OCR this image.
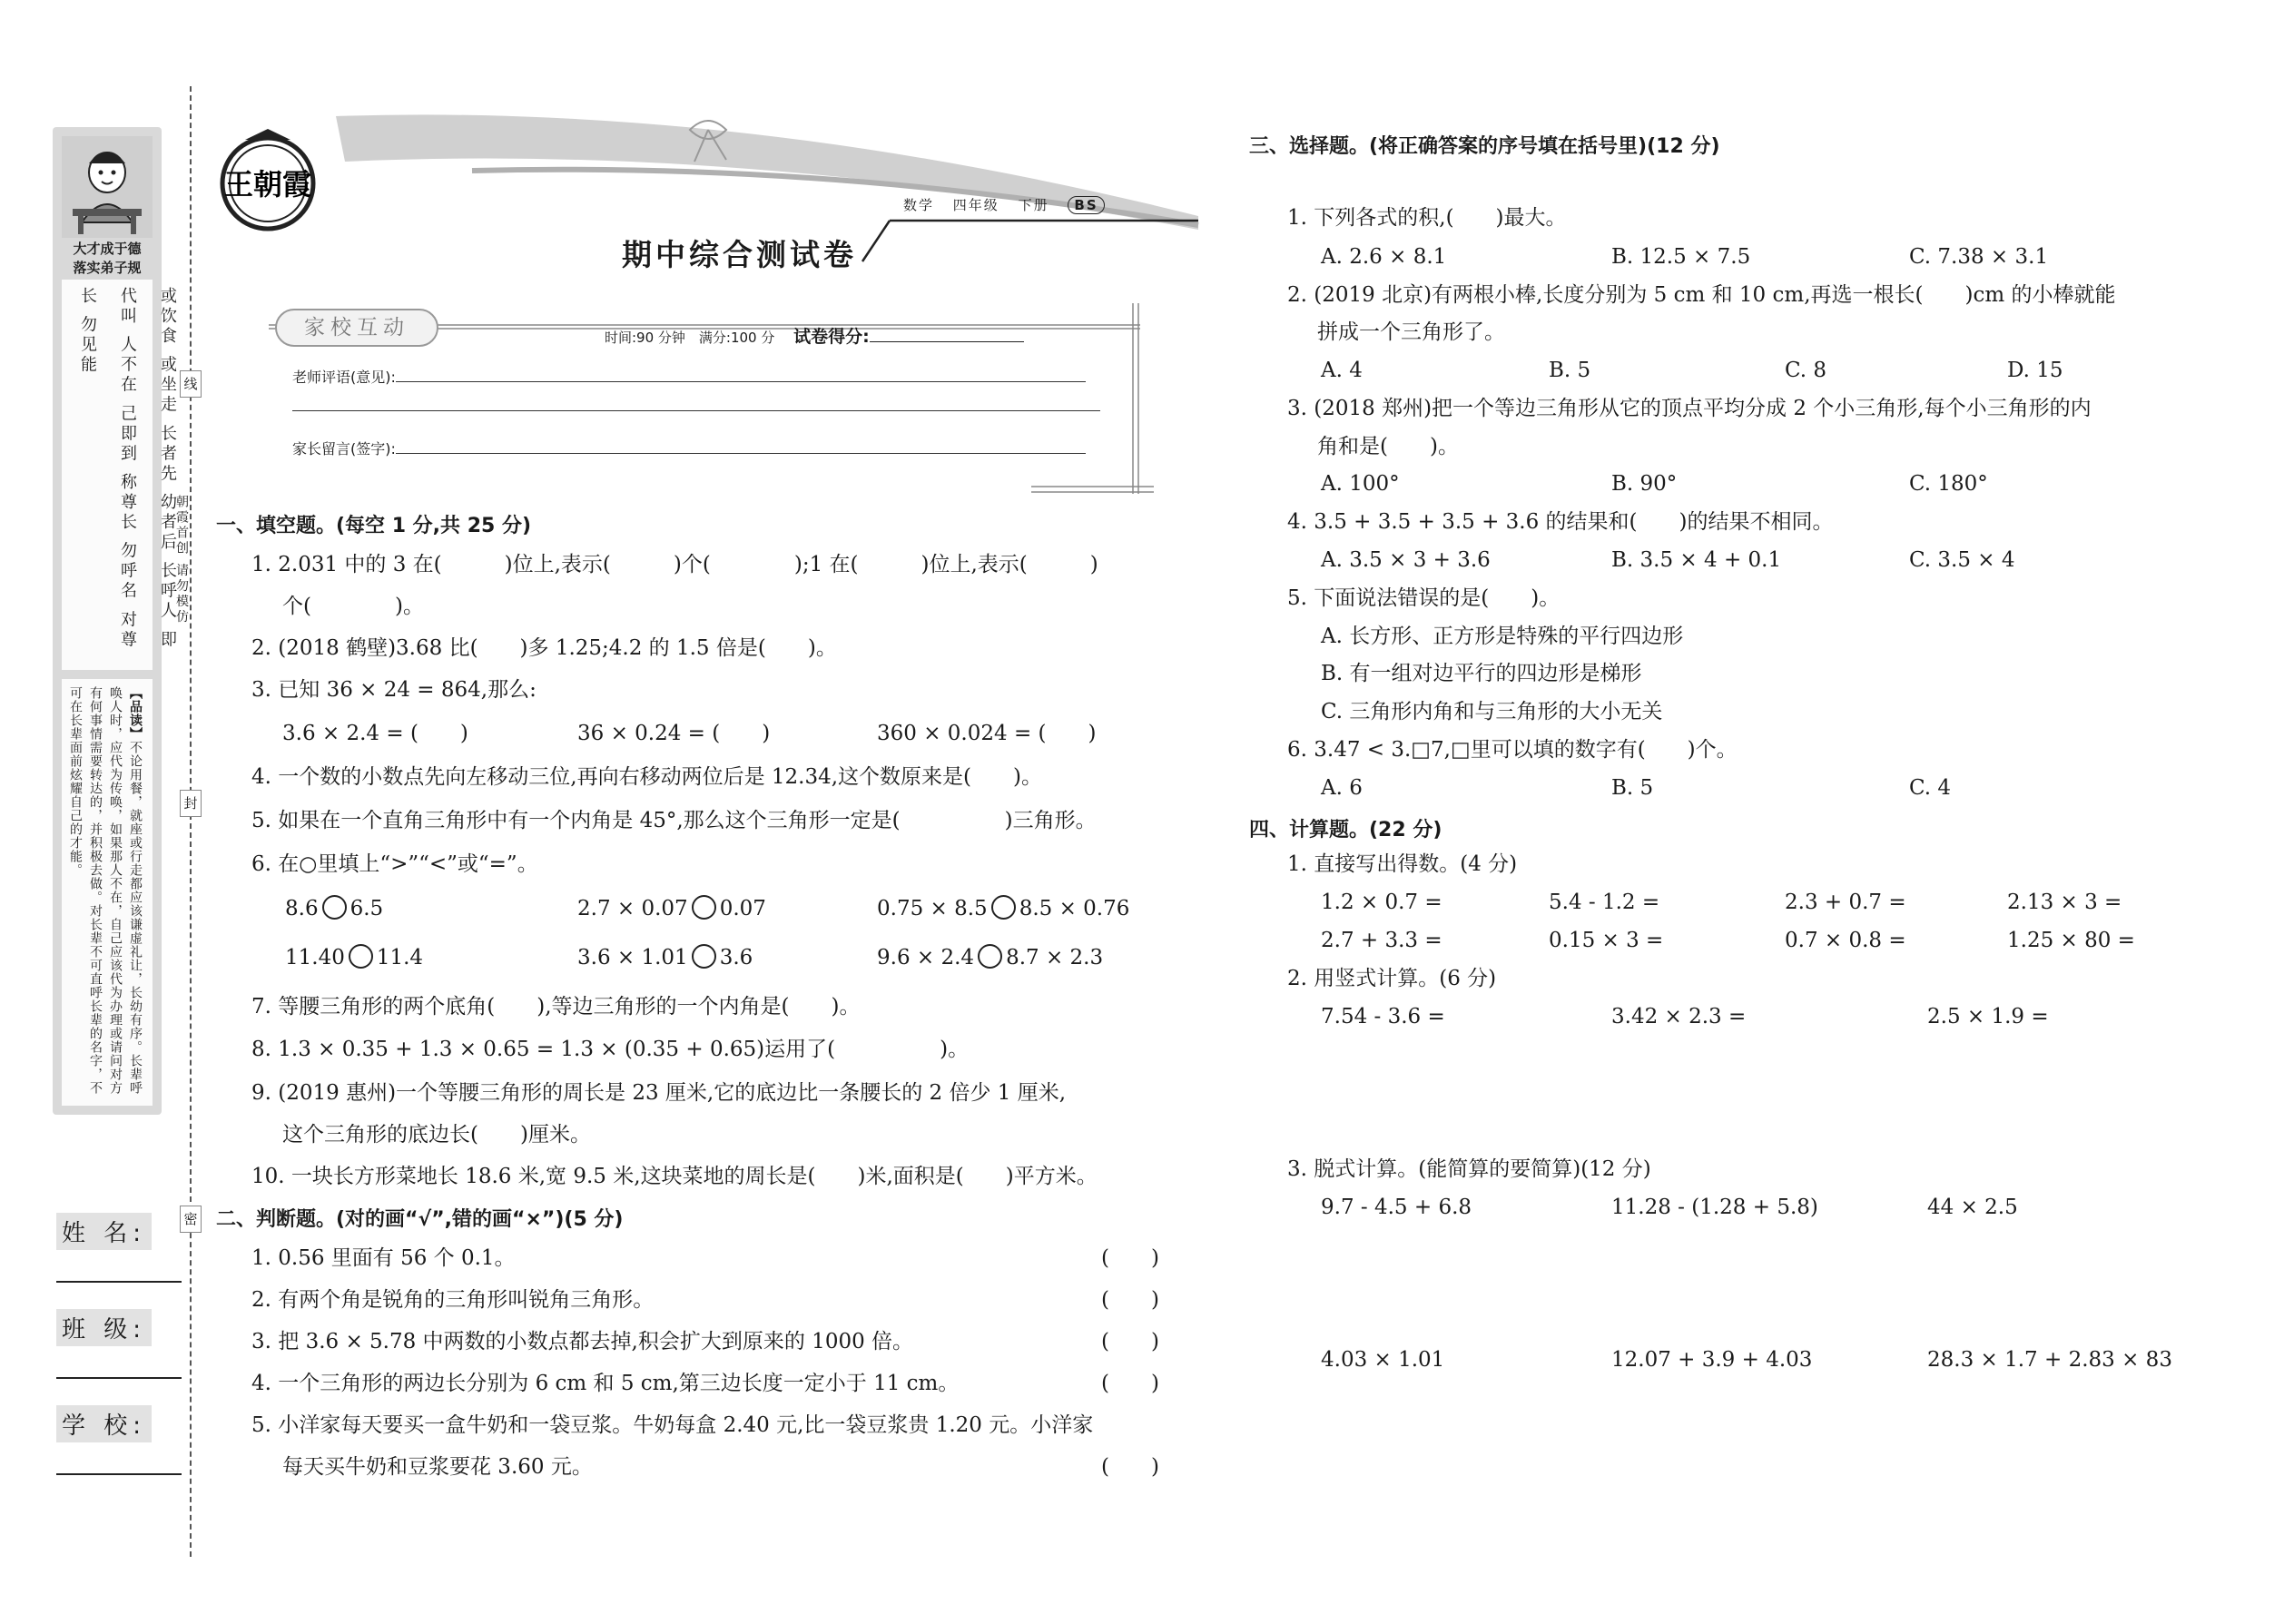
大才成于德
落实弟子规
或饮食 或坐走 长者先 幼者后 长呼人 即代叫 人不在 己即到 称尊长 勿呼名 对尊长 勿见能
【品读】不论用餐，就座或行走都应该谦虚礼让，长幼有序。长辈呼唤人时，应代为传唤，如果那人不在，自己应该代为办理或请问对方有何事情需要转达的，并积极去做。对长辈不可直呼长辈的名字，不可在长辈面前炫耀自己的才能。
线
封
密
朝霞首创 请勿模仿
姓 名:
班 级:
学 校:
王朝霞
数学 四年级 下册 BS
期中综合测试卷
家校互动	时间:90 分钟　满分:100 分 试卷得分:
老师评语(意见):
家长留言(签字):
一、填空题。(每空 1 分,共 25 分)
1. 2.031 中的 3 在(　　　)位上,表示(　　　)个(　　　　);1 在(　　　)位上,表示(　　　)
个(　　　　)。
2. (2018 鹤壁)3.68 比(　　)多 1.25;4.2 的 1.5 倍是(　　)。
3. 已知 36 × 24 = 864,那么:
3.6 × 2.4 = (　　)	36 × 0.24 = (　　)	360 × 0.024 = (　　)
4. 一个数的小数点先向左移动三位,再向右移动两位后是 12.34,这个数原来是(　　)。
5. 如果在一个直角三角形中有一个内角是 45°,那么这个三角形一定是(　　　　　)三角形。
6. 在○里填上“>”“<”或“=”。
8.6 6.5	2.7 × 0.07 0.07	0.75 × 8.5 8.5 × 0.76
11.40 11.4	3.6 × 1.01 3.6	9.6 × 2.4 8.7 × 2.3
7. 等腰三角形的两个底角(　　),等边三角形的一个内角是(　　)。
8. 1.3 × 0.35 + 1.3 × 0.65 = 1.3 × (0.35 + 0.65)运用了(　　　　　)。
9. (2019 惠州)一个等腰三角形的周长是 23 厘米,它的底边比一条腰长的 2 倍少 1 厘米,
这个三角形的底边长(　　)厘米。
10. 一块长方形菜地长 18.6 米,宽 9.5 米,这块菜地的周长是(　　)米,面积是(　　)平方米。
二、判断题。(对的画“√”,错的画“×”)(5 分)
1. 0.56 里面有 56 个 0.1。	(　　)
2. 有两个角是锐角的三角形叫锐角三角形。	(　　)
3. 把 3.6 × 5.78 中两数的小数点都去掉,积会扩大到原来的 1000 倍。	(　　)
4. 一个三角形的两边长分别为 6 cm 和 5 cm,第三边长度一定小于 11 cm。	(　　)
5. 小洋家每天要买一盒牛奶和一袋豆浆。牛奶每盒 2.40 元,比一袋豆浆贵 1.20 元。小洋家
每天买牛奶和豆浆要花 3.60 元。	(　　)
三、选择题。(将正确答案的序号填在括号里)(12 分)
1. 下列各式的积,(　　)最大。
A. 2.6 × 8.1	B. 12.5 × 7.5	C. 7.38 × 3.1
2. (2019 北京)有两根小棒,长度分别为 5 cm 和 10 cm,再选一根长(　　)cm 的小棒就能
拼成一个三角形了。
A. 4	B. 5	C. 8	D. 15
3. (2018 郑州)把一个等边三角形从它的顶点平均分成 2 个小三角形,每个小三角形的内
角和是(　　)。
A. 100°	B. 90°	C. 180°
4. 3.5 + 3.5 + 3.5 + 3.6 的结果和(　　)的结果不相同。
A. 3.5 × 3 + 3.6	B. 3.5 × 4 + 0.1	C. 3.5 × 4
5. 下面说法错误的是(　　)。
A. 长方形、正方形是特殊的平行四边形
B. 有一组对边平行的四边形是梯形
C. 三角形内角和与三角形的大小无关
6. 3.47 < 3.□7,□里可以填的数字有(　　)个。
A. 6	B. 5	C. 4
四、计算题。(22 分)
1. 直接写出得数。(4 分)
1.2 × 0.7 =	5.4 - 1.2 =	2.3 + 0.7 =	2.13 × 3 =
2.7 + 3.3 =	0.15 × 3 =	0.7 × 0.8 =	1.25 × 80 =
2. 用竖式计算。(6 分)
7.54 - 3.6 =	3.42 × 2.3 =	2.5 × 1.9 =
3. 脱式计算。(能简算的要简算)(12 分)
9.7 - 4.5 + 6.8	11.28 - (1.28 + 5.8)	44 × 2.5
4.03 × 1.01	12.07 + 3.9 + 4.03	28.3 × 1.7 + 2.83 × 83
